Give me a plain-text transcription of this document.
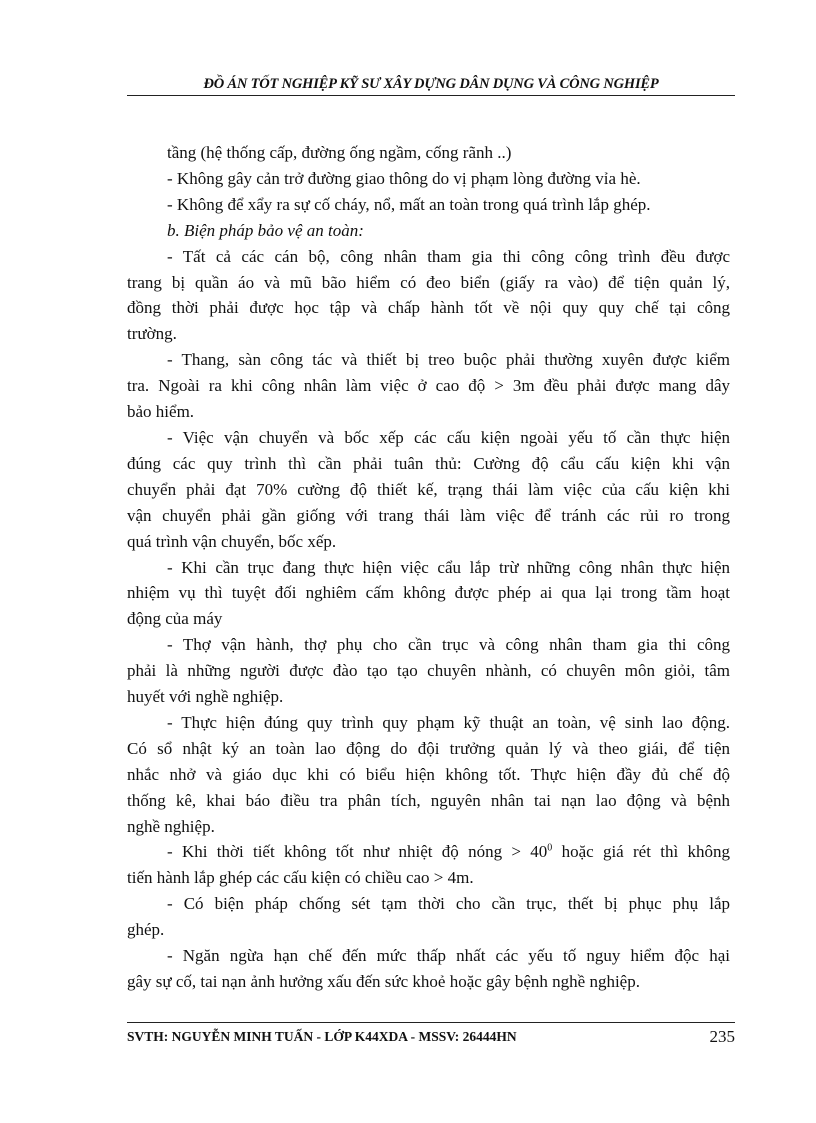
ĐỒ ÁN TỐT NGHIỆP KỸ SƯ XÂY DỰNG DÂN DỤNG VÀ CÔNG NGHIỆP
tầng (hệ thống cấp, đường ống ngầm, cống rãnh ..)
- Không gây cản trở đường giao thông do vị phạm lòng đường vỉa hè.
- Không để xẩy ra sự cố cháy, nổ, mất an toàn trong quá trình lắp ghép.
b. Biện pháp bảo vệ an toàn:
- Tất cả các cán bộ, công nhân tham gia thi công công trình đều được
trang bị quần áo và mũ bão hiểm có đeo biển (giấy ra vào) để tiện quản lý,
đồng thời phải được học tập và chấp hành tốt về nội quy quy chế tại công
trường.
- Thang, sàn công tác và thiết bị treo buộc phải thường xuyên được kiểm
tra. Ngoài ra khi công nhân làm việc ở cao độ > 3m đều phải được mang dây
bảo hiểm.
- Việc vận chuyển và bốc xếp các cấu kiện ngoài yếu tố cần thực hiện
đúng các quy trình thì cần phải tuân thủ: Cường độ cẩu cấu kiện khi vận
chuyển phải đạt 70% cường độ thiết kế, trạng thái làm việc của cấu kiện khi
vận chuyển phải gần giống với trang thái làm việc để tránh các rủi ro trong
quá trình vận chuyển, bốc xếp.
- Khi cần trục đang thực hiện việc cẩu lắp trừ những công nhân thực hiện
nhiệm vụ thì tuyệt đối nghiêm cấm không được phép ai qua lại trong tầm hoạt
động của máy
- Thợ vận hành, thợ phụ cho cần trục và công nhân tham gia thi công
phải là những người được đào tạo tạo chuyên nhành, có chuyên môn giỏi, tâm
huyết với nghề nghiệp.
- Thực hiện đúng quy trình quy phạm kỹ thuật an toàn, vệ sinh lao động.
Có sổ nhật ký an toàn lao động do đội trưởng quản lý và theo giái, để tiện
nhắc nhở và giáo dục khi có biểu hiện không tốt. Thực hiện đầy đủ chế độ
thống kê, khai báo điều tra phân tích, nguyên nhân tai nạn lao động và bệnh
nghề nghiệp.
- Khi thời tiết không tốt như nhiệt độ nóng > $40^0$ hoặc giá rét thì không
tiến hành lắp ghép các cấu kiện có chiều cao > 4m.
- Có biện pháp chống sét tạm thời cho cần trục, thết bị phục phụ lắp
ghép.
- Ngăn ngừa hạn chế đến mức thấp nhất các yếu tố nguy hiểm độc hại
gây sự cố, tai nạn ảnh hưởng xấu đến sức khoẻ hoặc gây bệnh nghề nghiệp.
SVTH: NGUYỄN MINH TUẤN - LỚP K44XDA - MSSV: 26444HN	235
